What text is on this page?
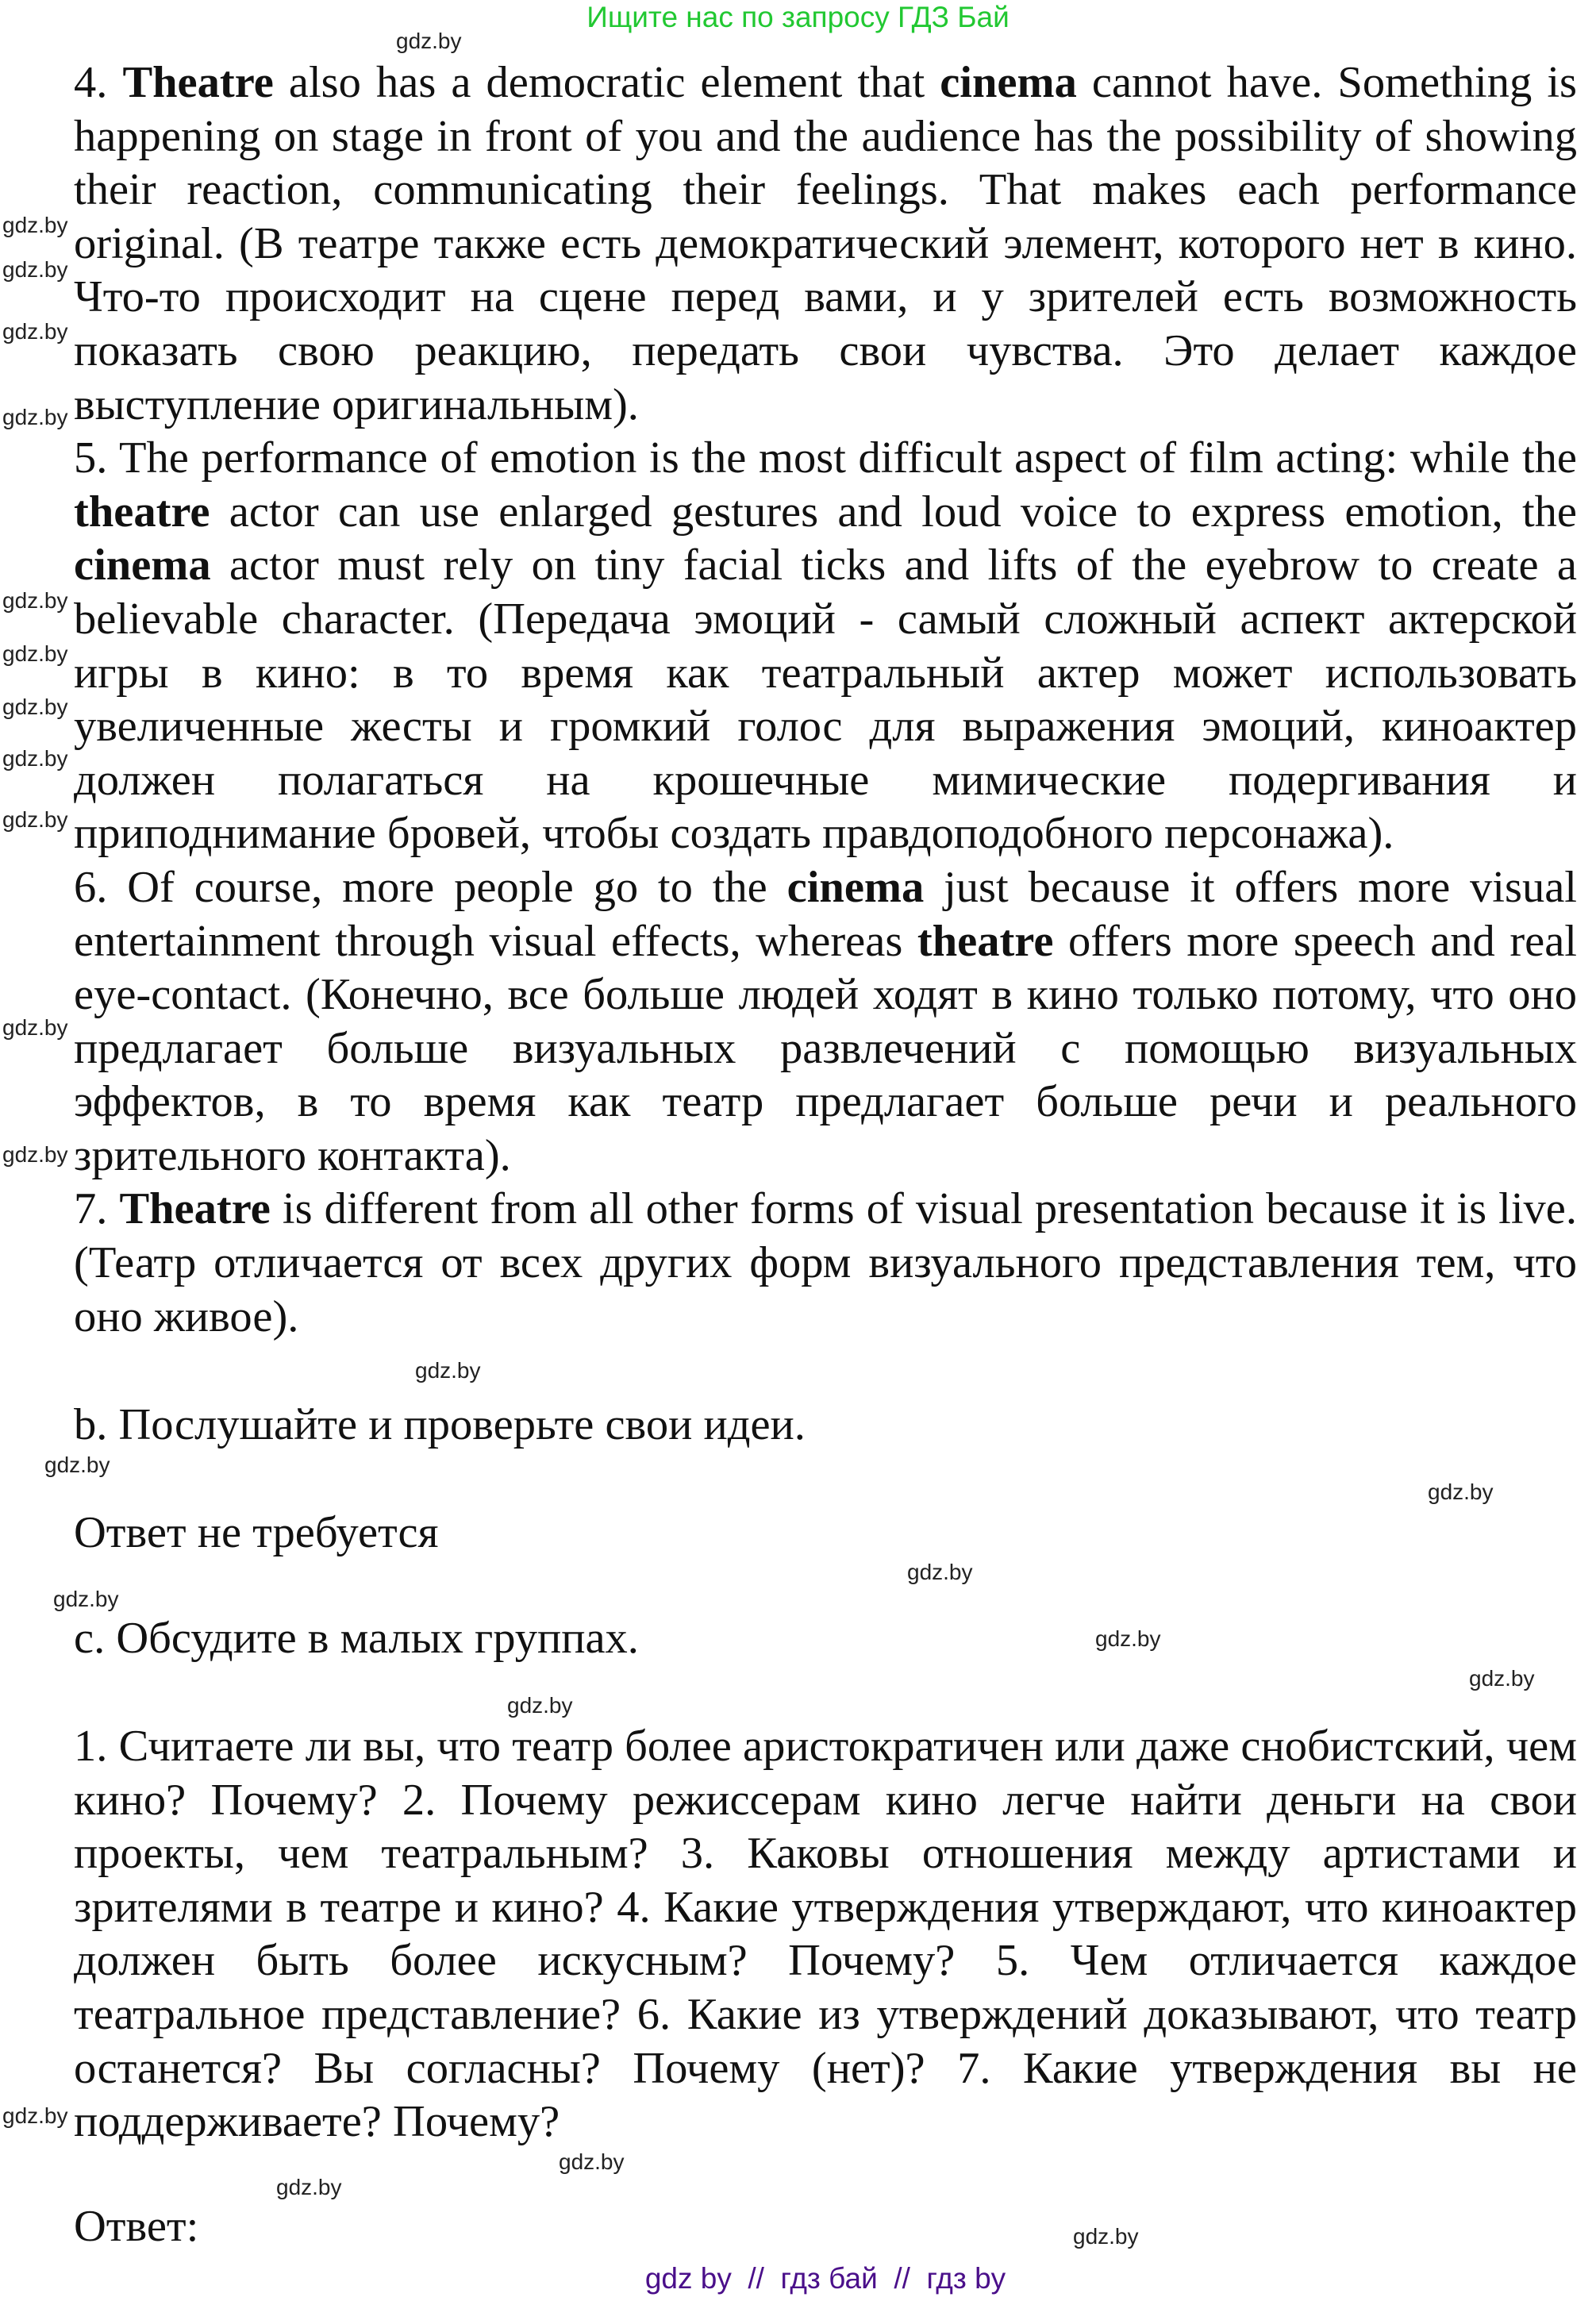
Ищите нас по запросу ГДЗ Бай
gdz.by
4. Theatre also has a democratic element that cinema cannot have. Something is happening on stage in front of you and the audience has the possibility of showing their reaction, communicating their feelings. That makes each performance original. (В театре также есть демократический элемент, которого нет в кино. Что-то происходит на сцене перед вами, и у зрителей есть возможность показать свою реакцию, передать свои чувства. Это делает каждое выступление оригинальным).
gdz.by
gdz.by
gdz.by
gdz.by
5. The performance of emotion is the most difficult aspect of film acting: while the theatre actor can use enlarged gestures and loud voice to express emotion, the cinema actor must rely on tiny facial ticks and lifts of the eyebrow to create a believable character. (Передача эмоций - самый сложный аспект актерской игры в кино: в то время как театральный актер может использовать увеличенные жесты и громкий голос для выражения эмоций, киноактер должен полагаться на крошечные мимические подергивания и приподнимание бровей, чтобы создать правдоподобного персонажа).
gdz.by
gdz.by
gdz.by
gdz.by
gdz.by
6. Of course, more people go to the cinema just because it offers more visual entertainment through visual effects, whereas theatre offers more speech and real eye-contact. (Конечно, все больше людей ходят в кино только потому, что оно предлагает больше визуальных развлечений с помощью визуальных эффектов, в то время как театр предлагает больше речи и реального зрительного контакта).
gdz.by
gdz.by
7. Theatre is different from all other forms of visual presentation because it is live. (Театр отличается от всех других форм визуального представления тем, что оно живое).
gdz.by
b. Послушайте и проверьте свои идеи.
gdz.by
gdz.by
Ответ не требуется
gdz.by
gdz.by
c. Обсудите в малых группах.	gdz.by
gdz.by
gdz.by
1. Считаете ли вы, что театр более аристократичен или даже снобистский, чем кино? Почему? 2. Почему режиссерам кино легче найти деньги на свои проекты, чем театральным? 3. Каковы отношения между артистами и зрителями в театре и кино? 4. Какие утверждения утверждают, что киноактер должен быть более искусным? Почему? 5. Чем отличается каждое театральное представление? 6. Какие из утверждений доказывают, что театр останется? Вы согласны? Почему (нет)? 7. Какие утверждения вы не поддерживаете? Почему?
gdz.by
gdz.by
gdz.by
Ответ:	gdz.by
gdz by  //  гдз бай  //  гдз by
